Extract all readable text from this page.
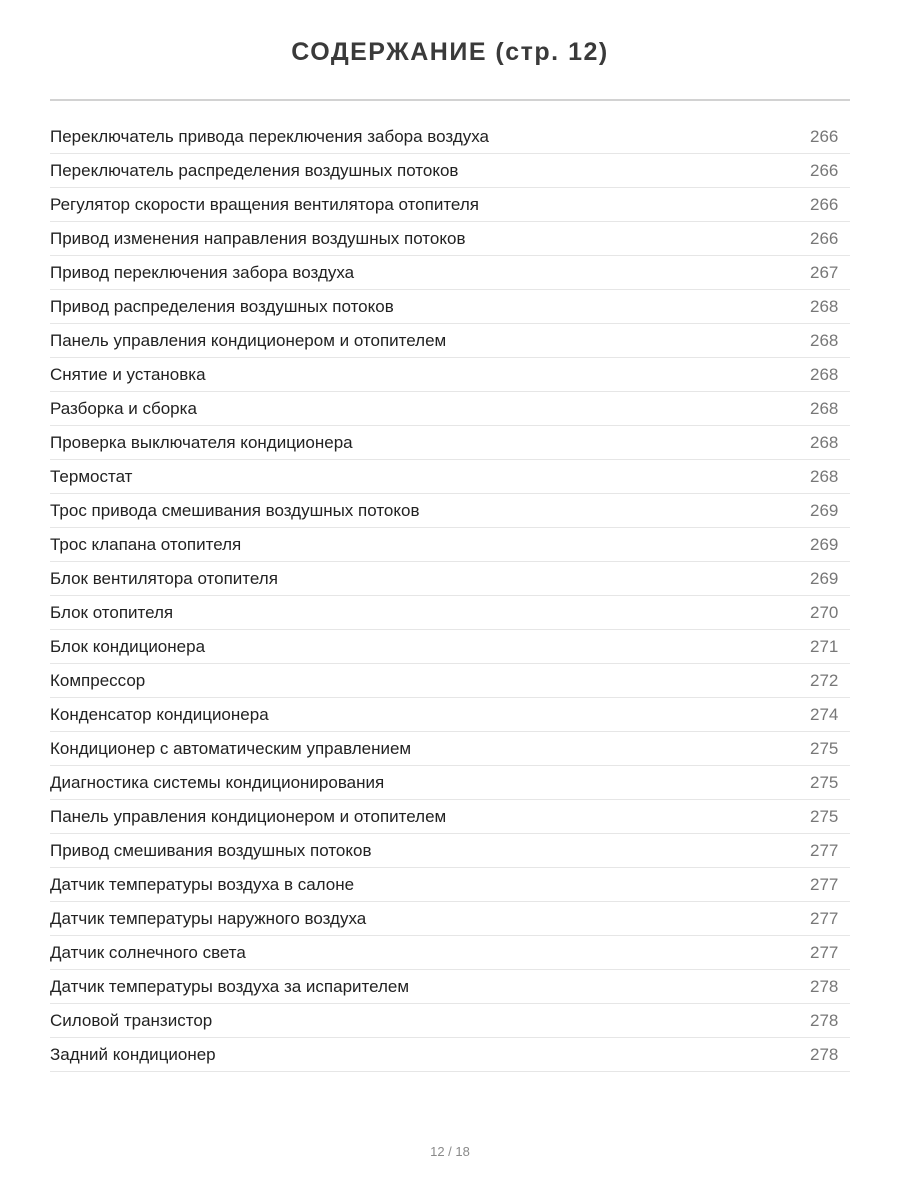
СОДЕРЖАНИЕ (стр. 12)
Переключатель привода переключения забора воздуха	266
Переключатель распределения воздушных потоков	266
Регулятор скорости вращения вентилятора отопителя	266
Привод изменения направления воздушных потоков	266
Привод переключения забора воздуха	267
Привод распределения воздушных потоков	268
Панель управления кондиционером и отопителем	268
Снятие и установка	268
Разборка и сборка	268
Проверка выключателя кондиционера	268
Термостат	268
Трос привода смешивания воздушных потоков	269
Трос клапана отопителя	269
Блок вентилятора отопителя	269
Блок отопителя	270
Блок кондиционера	271
Компрессор	272
Конденсатор кондиционера	274
Кондиционер с автоматическим управлением	275
Диагностика системы кондиционирования	275
Панель управления кондиционером и отопителем	275
Привод смешивания воздушных потоков	277
Датчик температуры воздуха в салоне	277
Датчик температуры наружного воздуха	277
Датчик солнечного света	277
Датчик температуры воздуха за испарителем	278
Силовой транзистор	278
Задний кондиционер	278
12 / 18
